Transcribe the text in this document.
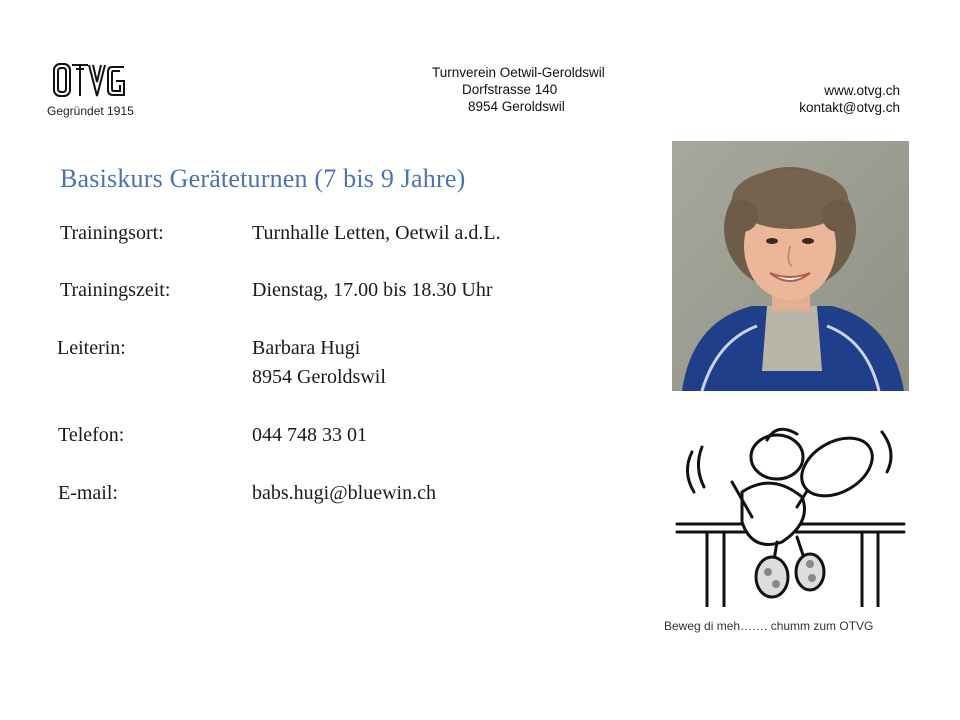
Gegründet 1915
Turnverein Oetwil-Geroldswil
Dorfstrasse 140
8954 Geroldswil
www.otvg.ch
kontakt@otvg.ch
Basiskurs Geräteturnen (7 bis 9 Jahre)
Trainingsort:	Turnhalle Letten, Oetwil a.d.L.
Trainingszeit:	Dienstag, 17.00 bis 18.30 Uhr
Leiterin:	Barbara Hugi
8954 Geroldswil
Telefon:	044 748 33 01
E-mail:	babs.hugi@bluewin.ch
Beweg di meh……. chumm zum OTVG
